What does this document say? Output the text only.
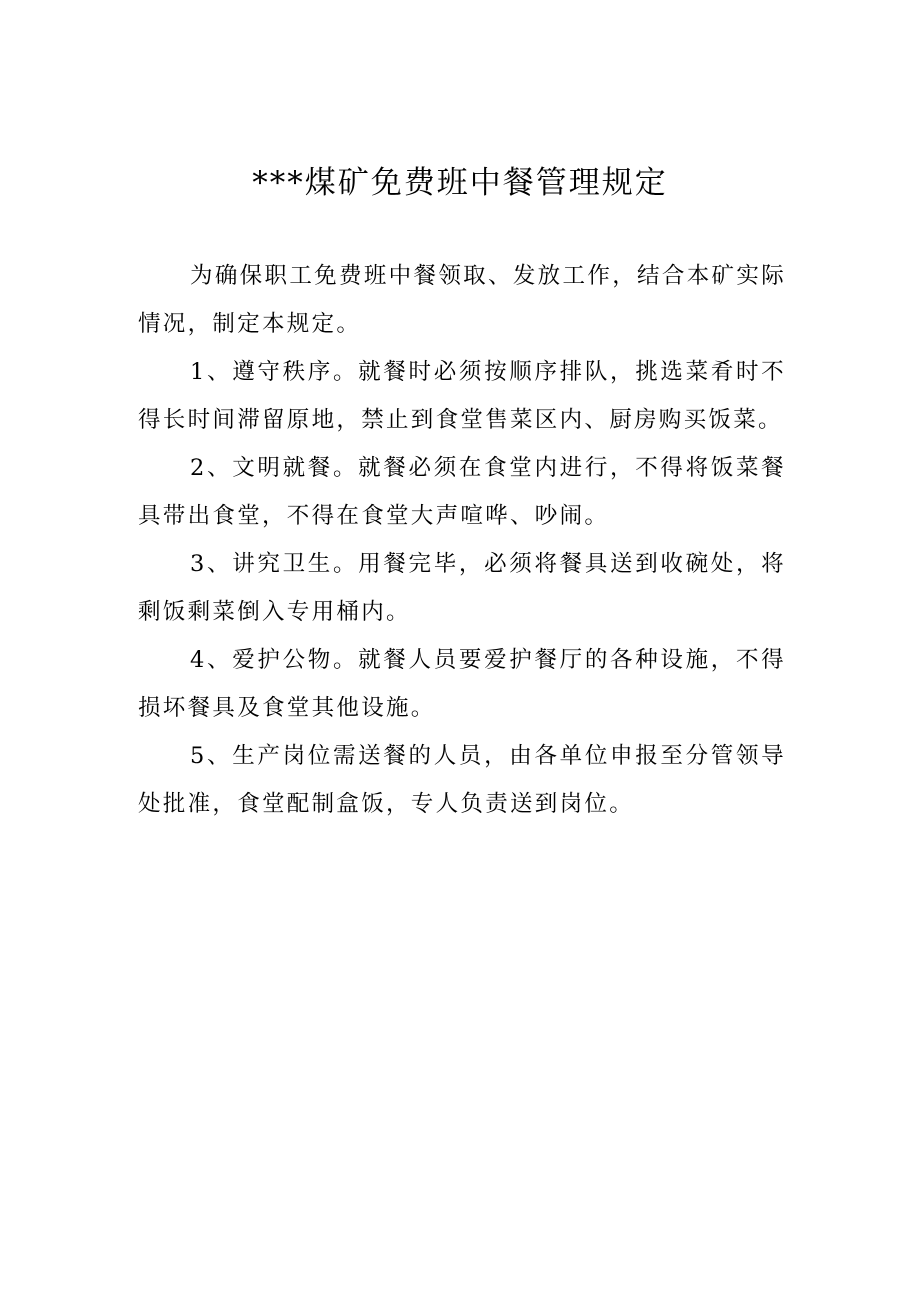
***煤矿免费班中餐管理规定

为确保职工免费班中餐领取、发放工作，结合本矿实际情况，制定本规定。

1、遵守秩序。就餐时必须按顺序排队，挑选菜肴时不得长时间滞留原地，禁止到食堂售菜区内、厨房购买饭菜。

2、文明就餐。就餐必须在食堂内进行，不得将饭菜餐具带出食堂，不得在食堂大声喧哗、吵闹。

3、讲究卫生。用餐完毕，必须将餐具送到收碗处，将剩饭剩菜倒入专用桶内。

4、爱护公物。就餐人员要爱护餐厅的各种设施，不得损坏餐具及食堂其他设施。

5、生产岗位需送餐的人员，由各单位申报至分管领导处批准，食堂配制盒饭，专人负责送到岗位。
